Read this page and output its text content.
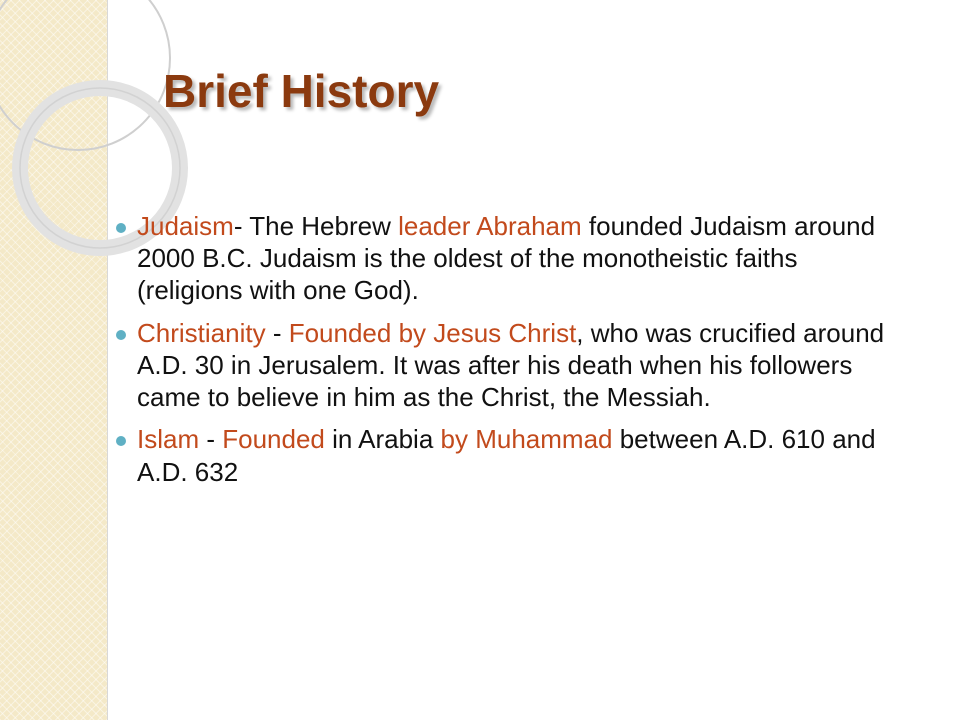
Brief History
Judaism- The Hebrew leader Abraham founded Judaism around 2000 B.C. Judaism is the oldest of the monotheistic faiths (religions with one God).
Christianity - Founded by Jesus Christ, who was crucified around A.D. 30 in Jerusalem. It was after his death when his followers came to believe in him as the Christ, the Messiah.
Islam - Founded in Arabia by Muhammad between A.D. 610 and A.D. 632
